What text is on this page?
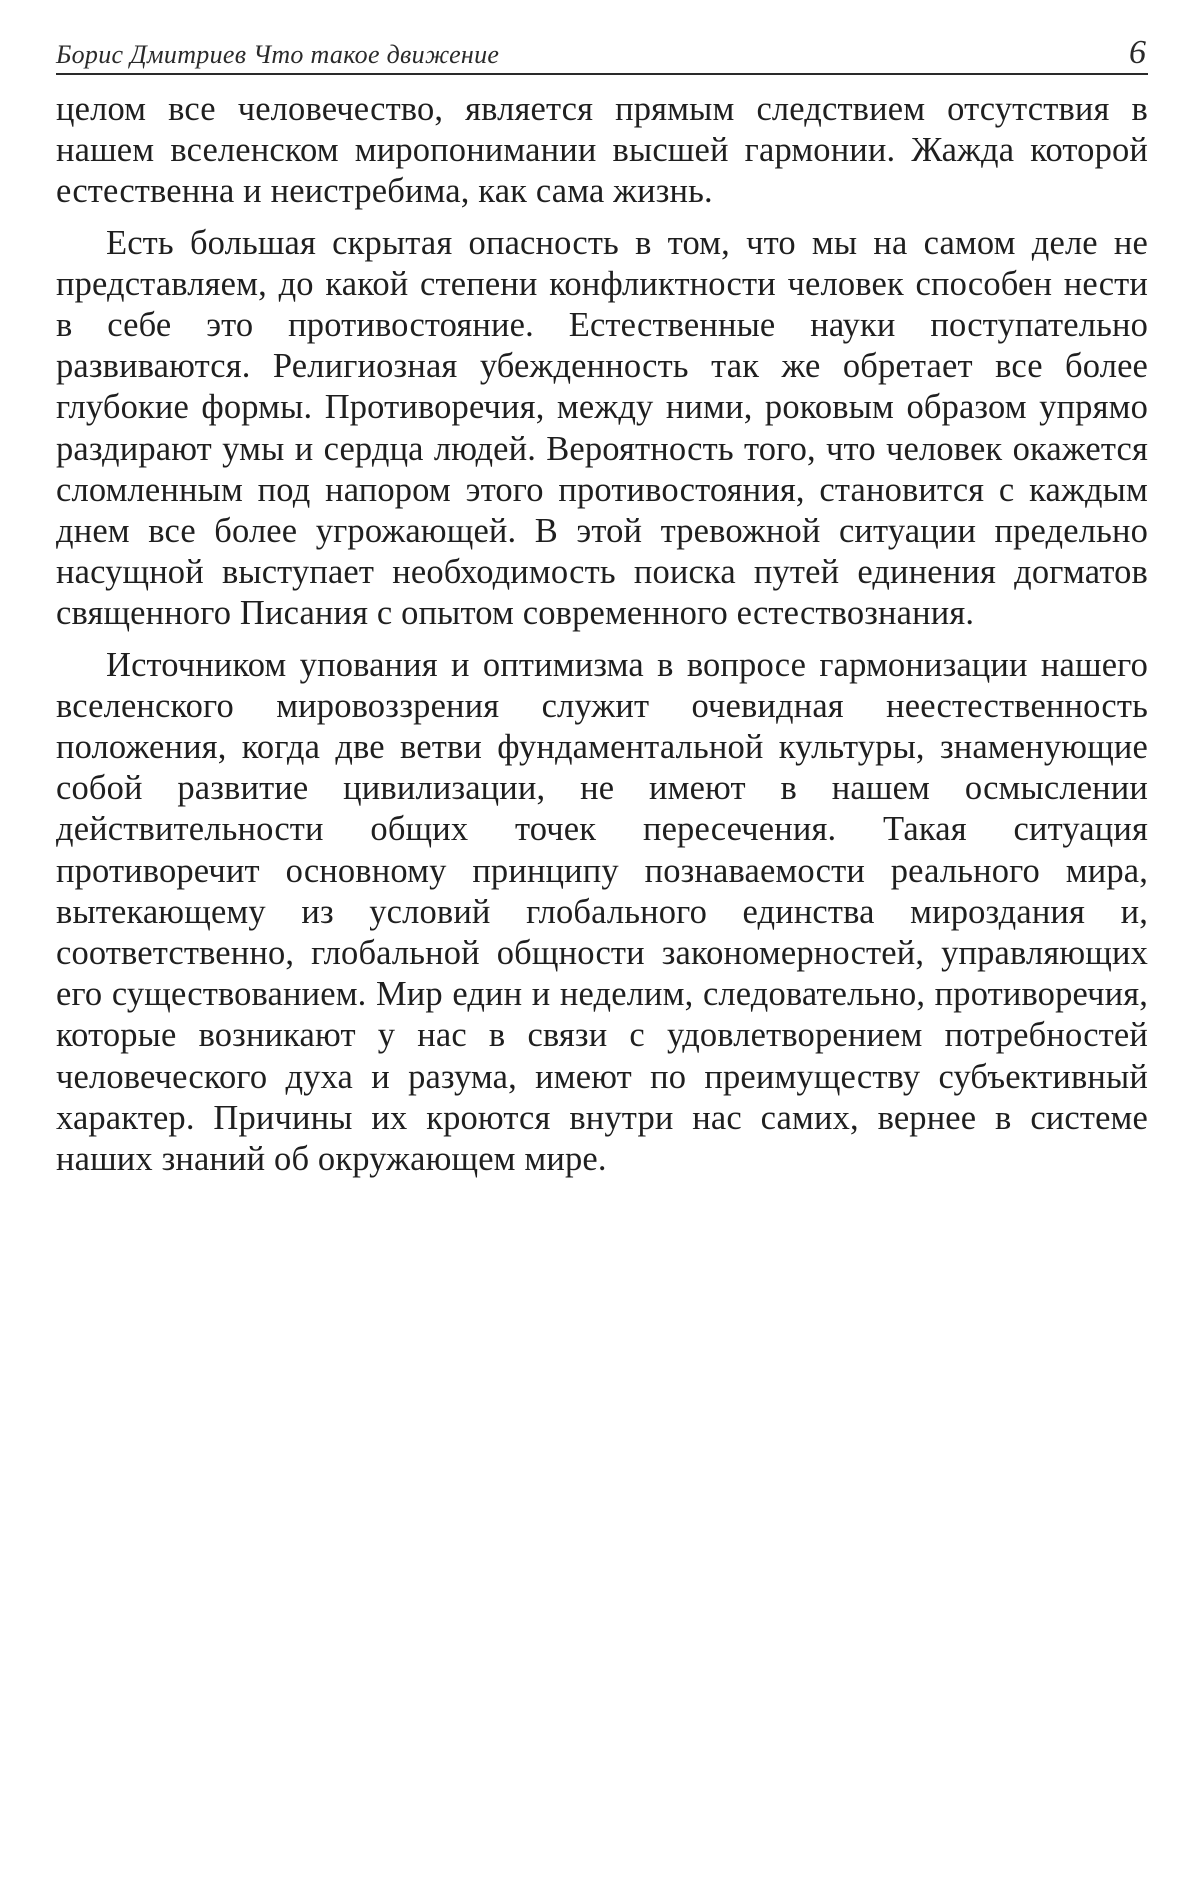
Борис Дмитриев Что такое движение	6

целом все человечество, является прямым следствием отсутствия в нашем вселенском миропонимании высшей гармонии. Жажда которой естественна и неистребима, как сама жизнь.

Есть большая скрытая опасность в том, что мы на самом деле не представляем, до какой степени конфликтности человек способен нести в себе это противостояние. Естественные науки поступательно развиваются. Религиозная убежденность так же обретает все более глубокие формы. Противоречия, между ними, роковым образом упрямо раздирают умы и сердца людей. Вероятность того, что человек окажется сломленным под напором этого противостояния, становится с каждым днем все более угрожающей. В этой тревожной ситуации предельно насущной выступает необходимость поиска путей единения догматов священного Писания с опытом современного естествознания.

Источником упования и оптимизма в вопросе гармонизации нашего вселенского мировоззрения служит очевидная неестественность положения, когда две ветви фундаментальной культуры, знаменующие собой развитие цивилизации, не имеют в нашем осмыслении действительности общих точек пересечения. Такая ситуация противоречит основному принципу познаваемости реального мира, вытекающему из условий глобального единства мироздания и, соответственно, глобальной общности закономерностей, управляющих его существованием. Мир един и неделим, следовательно, противоречия, которые возникают у нас в связи с удовлетворением потребностей человеческого духа и разума, имеют по преимуществу субъективный характер. Причины их кроются внутри нас самих, вернее в системе наших знаний об окружающем мире.
